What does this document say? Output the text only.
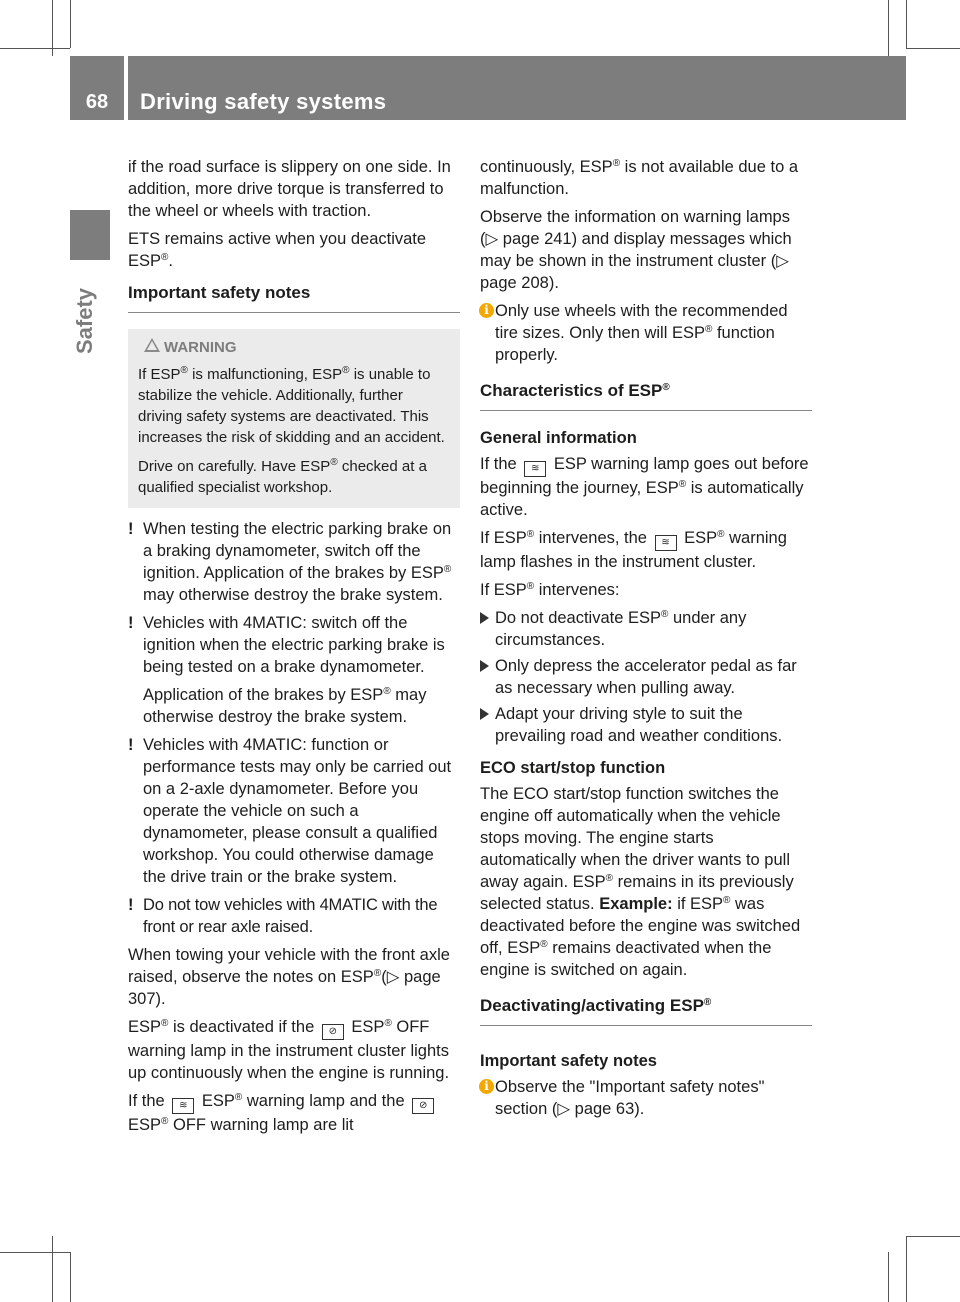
68	Driving safety systems
Safety

if the road surface is slippery on one side. In addition, more drive torque is transferred to the wheel or wheels with traction.

ETS remains active when you deactivate ESP®.

Important safety notes
WARNING

If ESP® is malfunctioning, ESP® is unable to stabilize the vehicle. Additionally, further driving safety systems are deactivated. This increases the risk of skidding and an accident.

Drive on carefully. Have ESP® checked at a qualified specialist workshop.

! When testing the electric parking brake on a braking dynamometer, switch off the ignition. Application of the brakes by ESP® may otherwise destroy the brake system.
! Vehicles with 4MATIC: switch off the ignition when the electric parking brake is being tested on a brake dynamometer.
Application of the brakes by ESP® may otherwise destroy the brake system.
! Vehicles with 4MATIC: function or performance tests may only be carried out on a 2-axle dynamometer. Before you operate the vehicle on such a dynamometer, please consult a qualified workshop. You could otherwise damage the drive train or the brake system.
! Do not tow vehicles with 4MATIC with the front or rear axle raised.

When towing your vehicle with the front axle raised, observe the notes on ESP®(▷ page 307).

ESP® is deactivated if the ⊘ ESP® OFF warning lamp in the instrument cluster lights up continuously when the engine is running.

If the ≋ ESP® warning lamp and the ⊘ ESP® OFF warning lamp are lit

continuously, ESP® is not available due to a malfunction.

Observe the information on warning lamps (▷ page 241) and display messages which may be shown in the instrument cluster (▷ page 208).

i Only use wheels with the recommended tire sizes. Only then will ESP® function properly.
Characteristics of ESP®
General information

If the ≋ ESP warning lamp goes out before beginning the journey, ESP® is automatically active.

If ESP® intervenes, the ≋ ESP® warning lamp flashes in the instrument cluster.

If ESP® intervenes:

Do not deactivate ESP® under any circumstances.
Only depress the accelerator pedal as far as necessary when pulling away.
Adapt your driving style to suit the prevailing road and weather conditions.
ECO start/stop function

The ECO start/stop function switches the engine off automatically when the vehicle stops moving. The engine starts automatically when the driver wants to pull away again. ESP® remains in its previously selected status. Example: if ESP® was deactivated before the engine was switched off, ESP® remains deactivated when the engine is switched on again.

Deactivating/activating ESP®
Important safety notes
i Observe the "Important safety notes" section (▷ page 63).
